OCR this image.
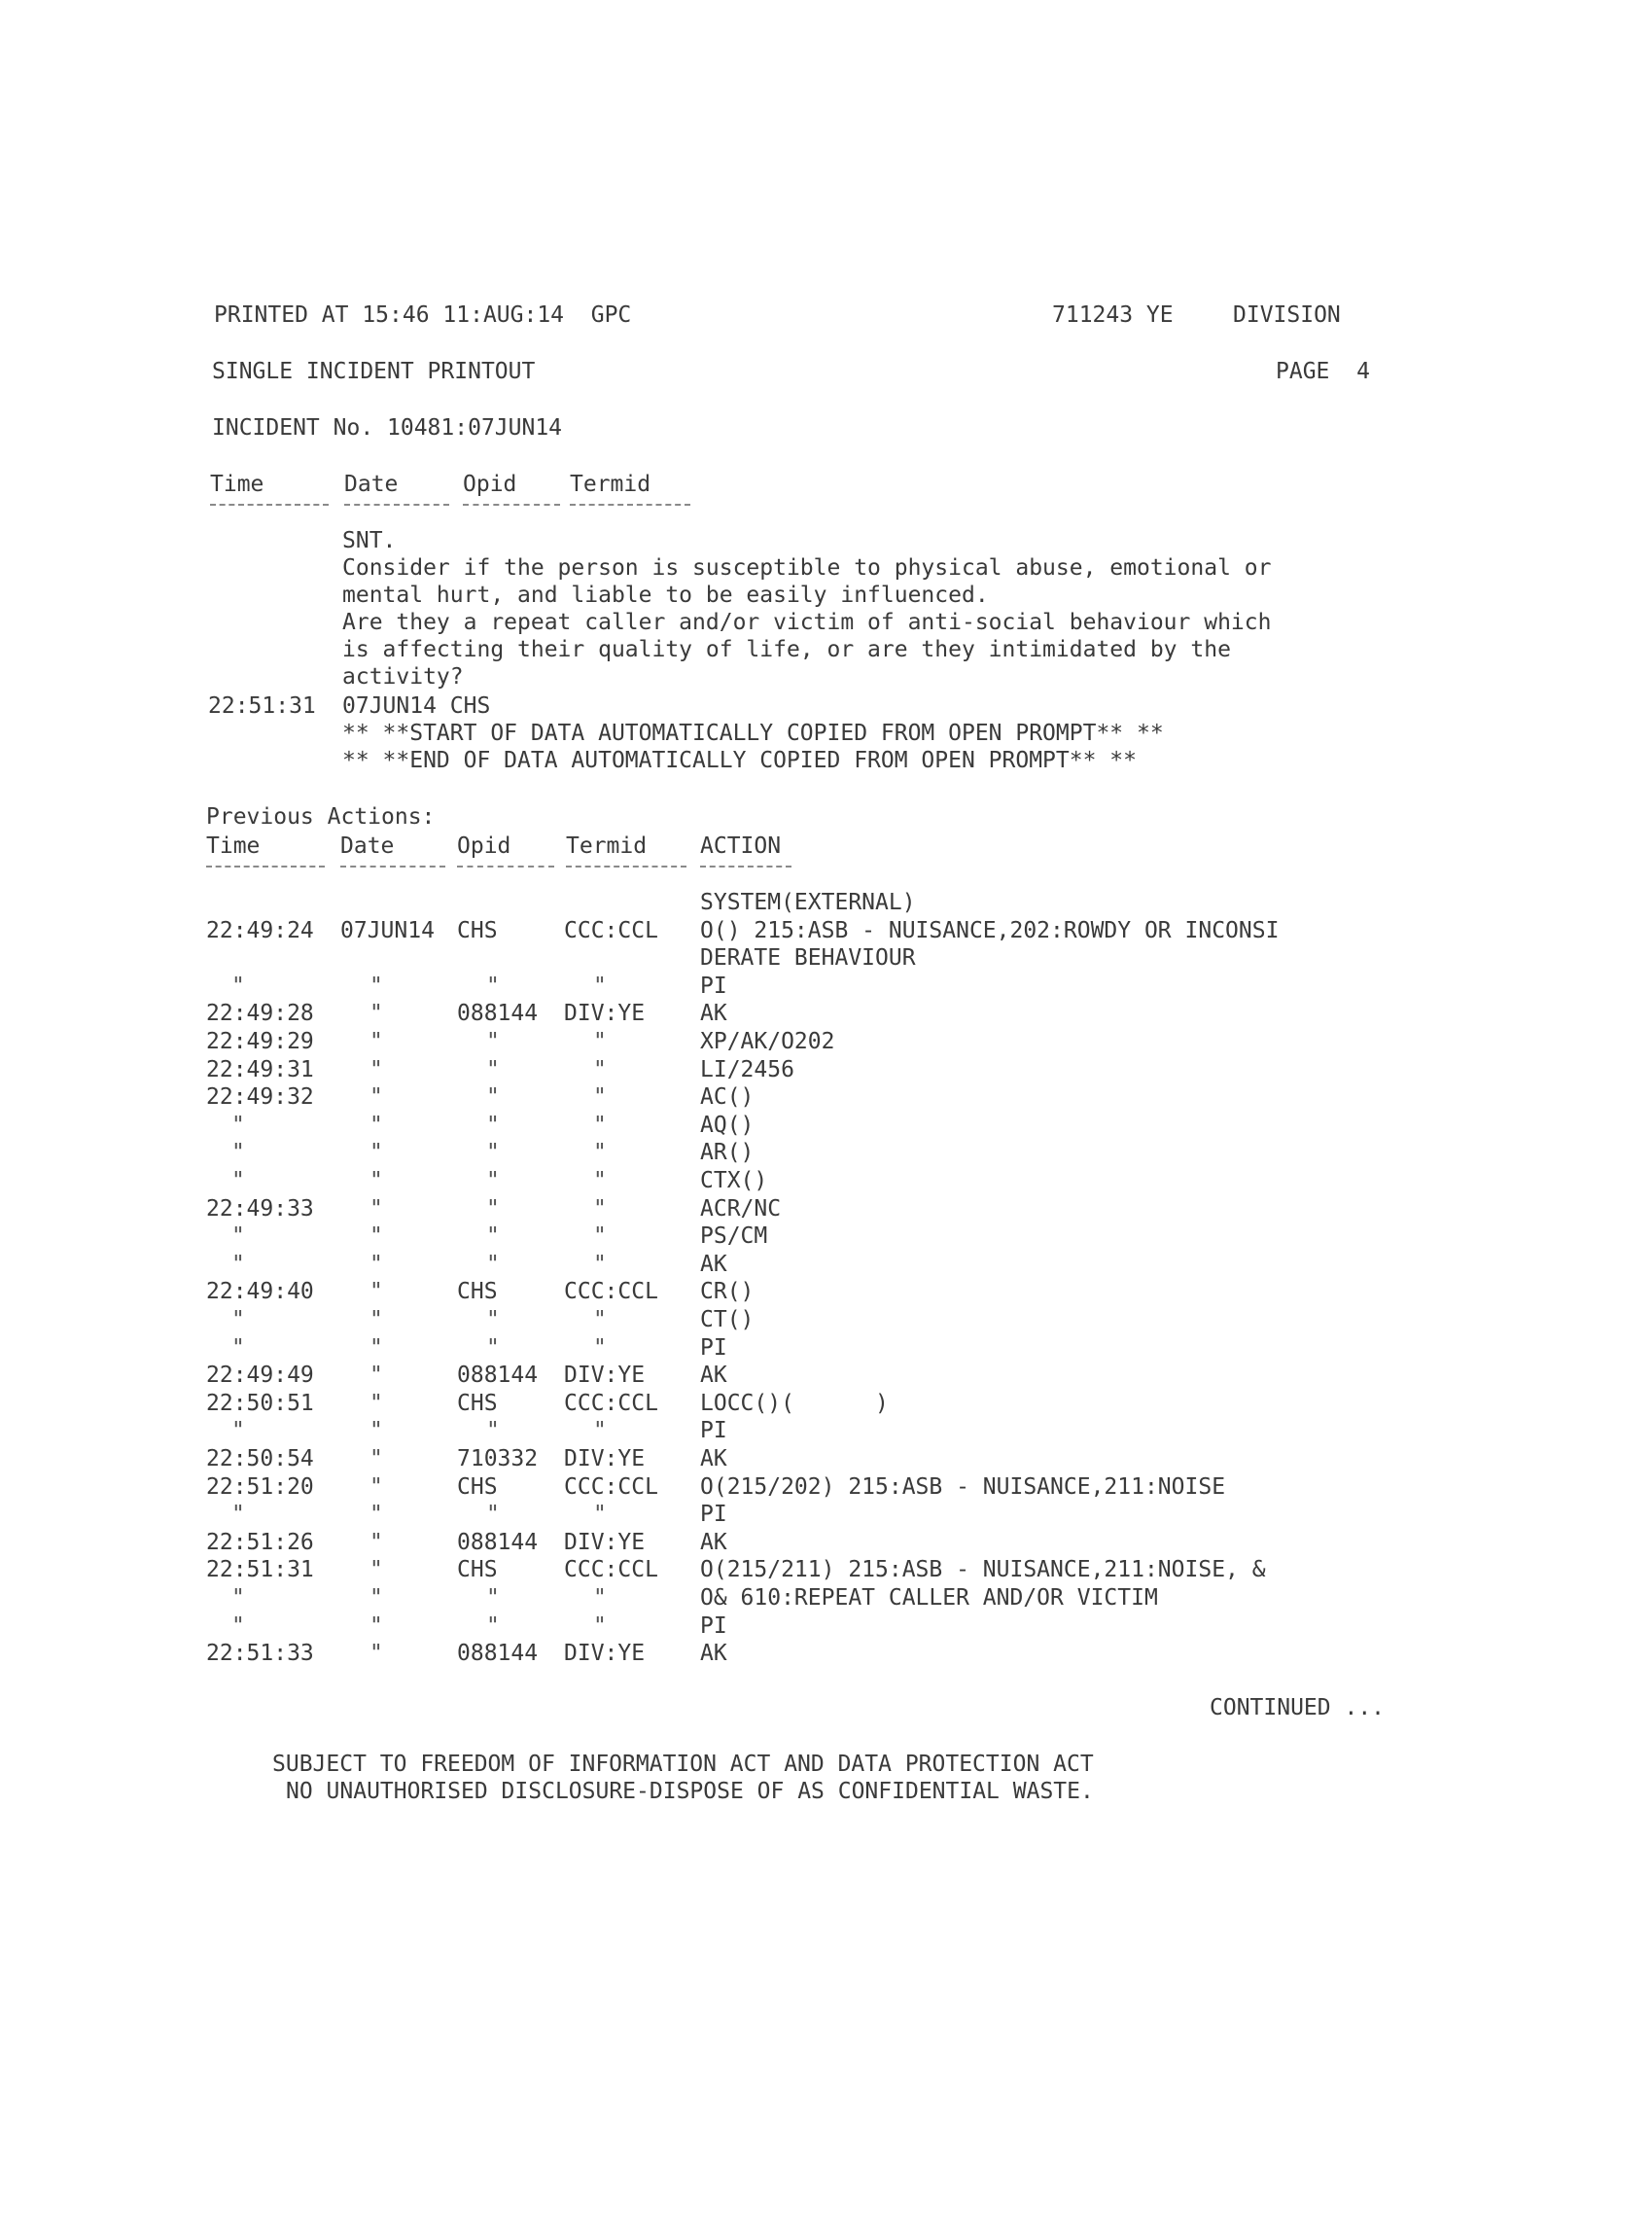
PRINTED AT 15:46 11:AUG:14  GPC	711243 YE	DIVISION
SINGLE INCIDENT PRINTOUT	PAGE  4
INCIDENT No. 10481:07JUN14
Time	Date	Opid Termid
SNT.
Consider if the person is susceptible to physical abuse, emotional or
mental hurt, and liable to be easily influenced.
Are they a repeat caller and/or victim of anti-social behaviour which
is affecting their quality of life, or are they intimidated by the
activity?
22:51:31 07JUN14 CHS
** **START OF DATA AUTOMATICALLY COPIED FROM OPEN PROMPT** **
** **END OF DATA AUTOMATICALLY COPIED FROM OPEN PROMPT** **
Previous Actions:
Time	Date	Opid Termid ACTION
SYSTEM(EXTERNAL)
22:49:24 07JUN14 CHS	CCC:CCL O() 215:ASB - NUISANCE,202:ROWDY OR INCONSI
DERATE BEHAVIOUR
"	"	"	"	PI
22:49:28 "	088144 DIV:YE AK
22:49:29 "	"	"	XP/AK/O202
22:49:31 "	"	"	LI/2456
22:49:32 "	"	"	AC()
"	"	"	"	AQ()
"	"	"	"	AR()
"	"	"	"	CTX()
22:49:33 "	"	"	ACR/NC
"	"	"	"	PS/CM
"	"	"	"	AK
22:49:40 "	CHS	CCC:CCL CR()
"	"	"	"	CT()
"	"	"	"	PI
22:49:49 "	088144 DIV:YE AK
22:50:51 "	CHS	CCC:CCL LOCC()(      )
"	"	"	"	PI
22:50:54 "	710332 DIV:YE AK
22:51:20 "	CHS	CCC:CCL O(215/202) 215:ASB - NUISANCE,211:NOISE
"	"	"	"	PI
22:51:26 "	088144 DIV:YE AK
22:51:31 "	CHS	CCC:CCL O(215/211) 215:ASB - NUISANCE,211:NOISE, &
"	"	"	"	O& 610:REPEAT CALLER AND/OR VICTIM
"	"	"	"	PI
22:51:33 "	088144 DIV:YE AK
CONTINUED ...
SUBJECT TO FREEDOM OF INFORMATION ACT AND DATA PROTECTION ACT
NO UNAUTHORISED DISCLOSURE-DISPOSE OF AS CONFIDENTIAL WASTE.
